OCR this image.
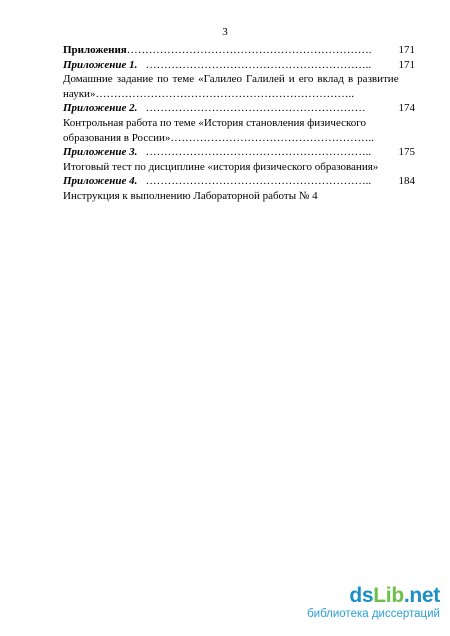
3
Приложения…………………………………………………………. 171
Приложение 1.   …………………………………………………….. 171
Домашние задание по теме «Галилео Галилей и его вклад в развитие
науки»……………………………………………………………..
Приложение 2.   ……………………………………………………	174
Контрольная работа по теме «История становления физического
образования в России»………………………………………………..
Приложение 3.   …………………………………………………….. 175
Итоговый тест по дисциплине «история физического образования»
Приложение 4.   …………………………………………………….. 184
Инструкция к выполнению Лабораторной работы № 4
dsLib.net
библиотека диссертаций
